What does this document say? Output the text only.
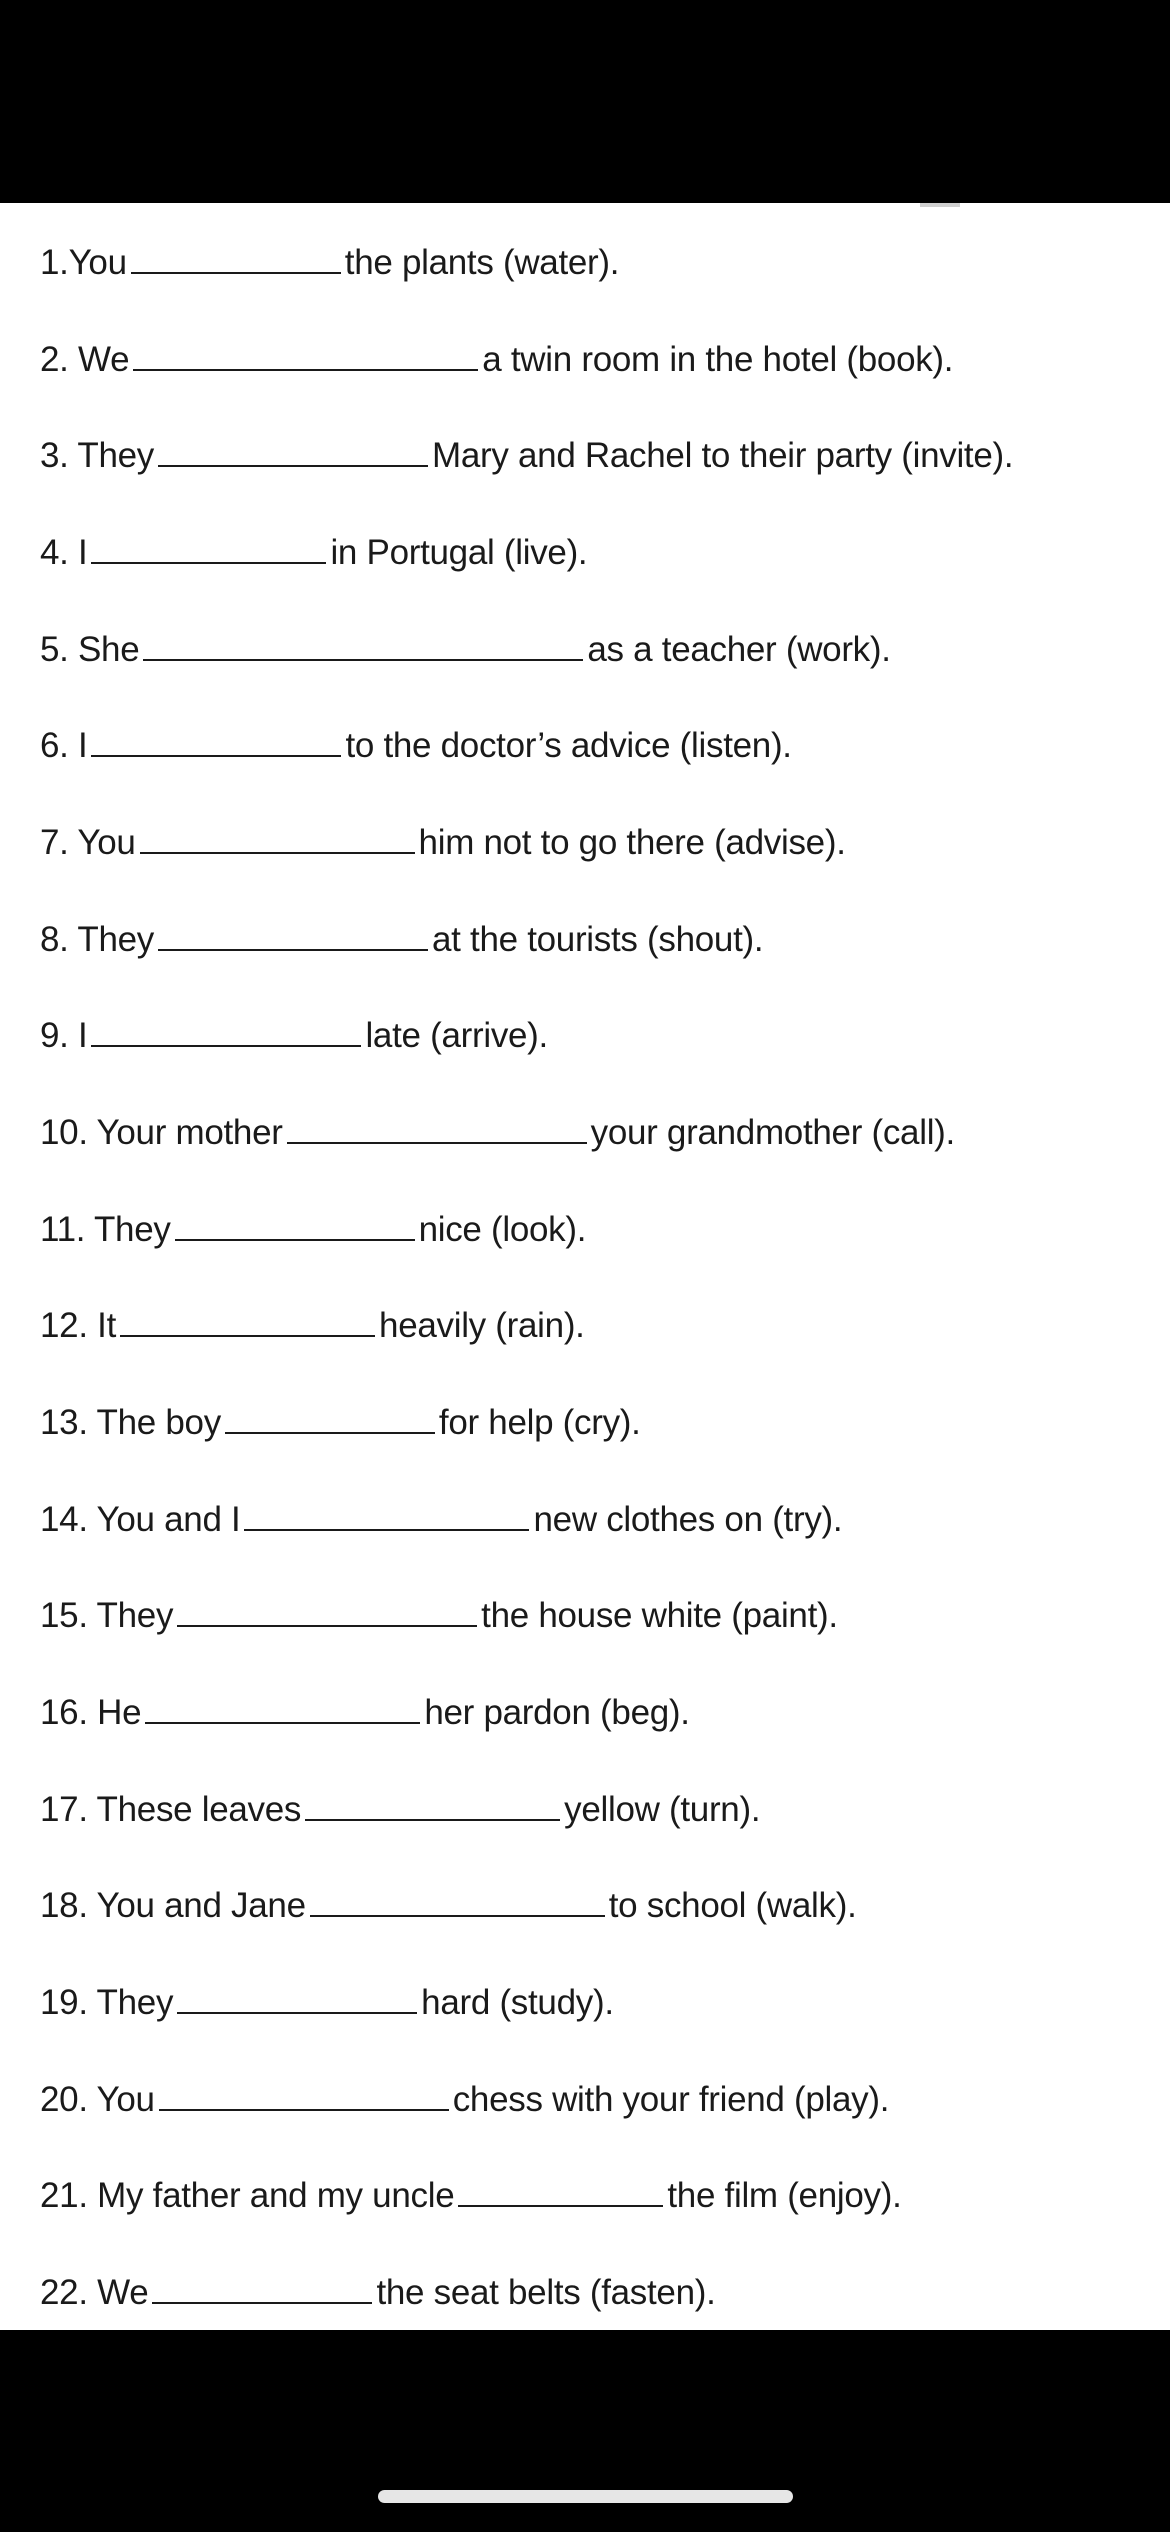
1.You	the plants (water).
2. We	a twin room in the hotel (book).
3. They	Mary and Rachel to their party (invite).
4. I	in Portugal (live).
5. She	as a teacher (work).
6. I	to the doctor’s advice (listen).
7. You	him not to go there (advise).
8. They	at the tourists (shout).
9. I	late (arrive).
10. Your mother	your grandmother (call).
11. They	nice (look).
12. It	heavily (rain).
13. The boy	for help (cry).
14. You and I	new clothes on (try).
15. They	the house white (paint).
16. He	her pardon (beg).
17. These leaves	yellow (turn).
18. You and Jane	to school (walk).
19. They	hard (study).
20. You	chess with your friend (play).
21. My father and my uncle	the film (enjoy).
22. We	the seat belts (fasten).
